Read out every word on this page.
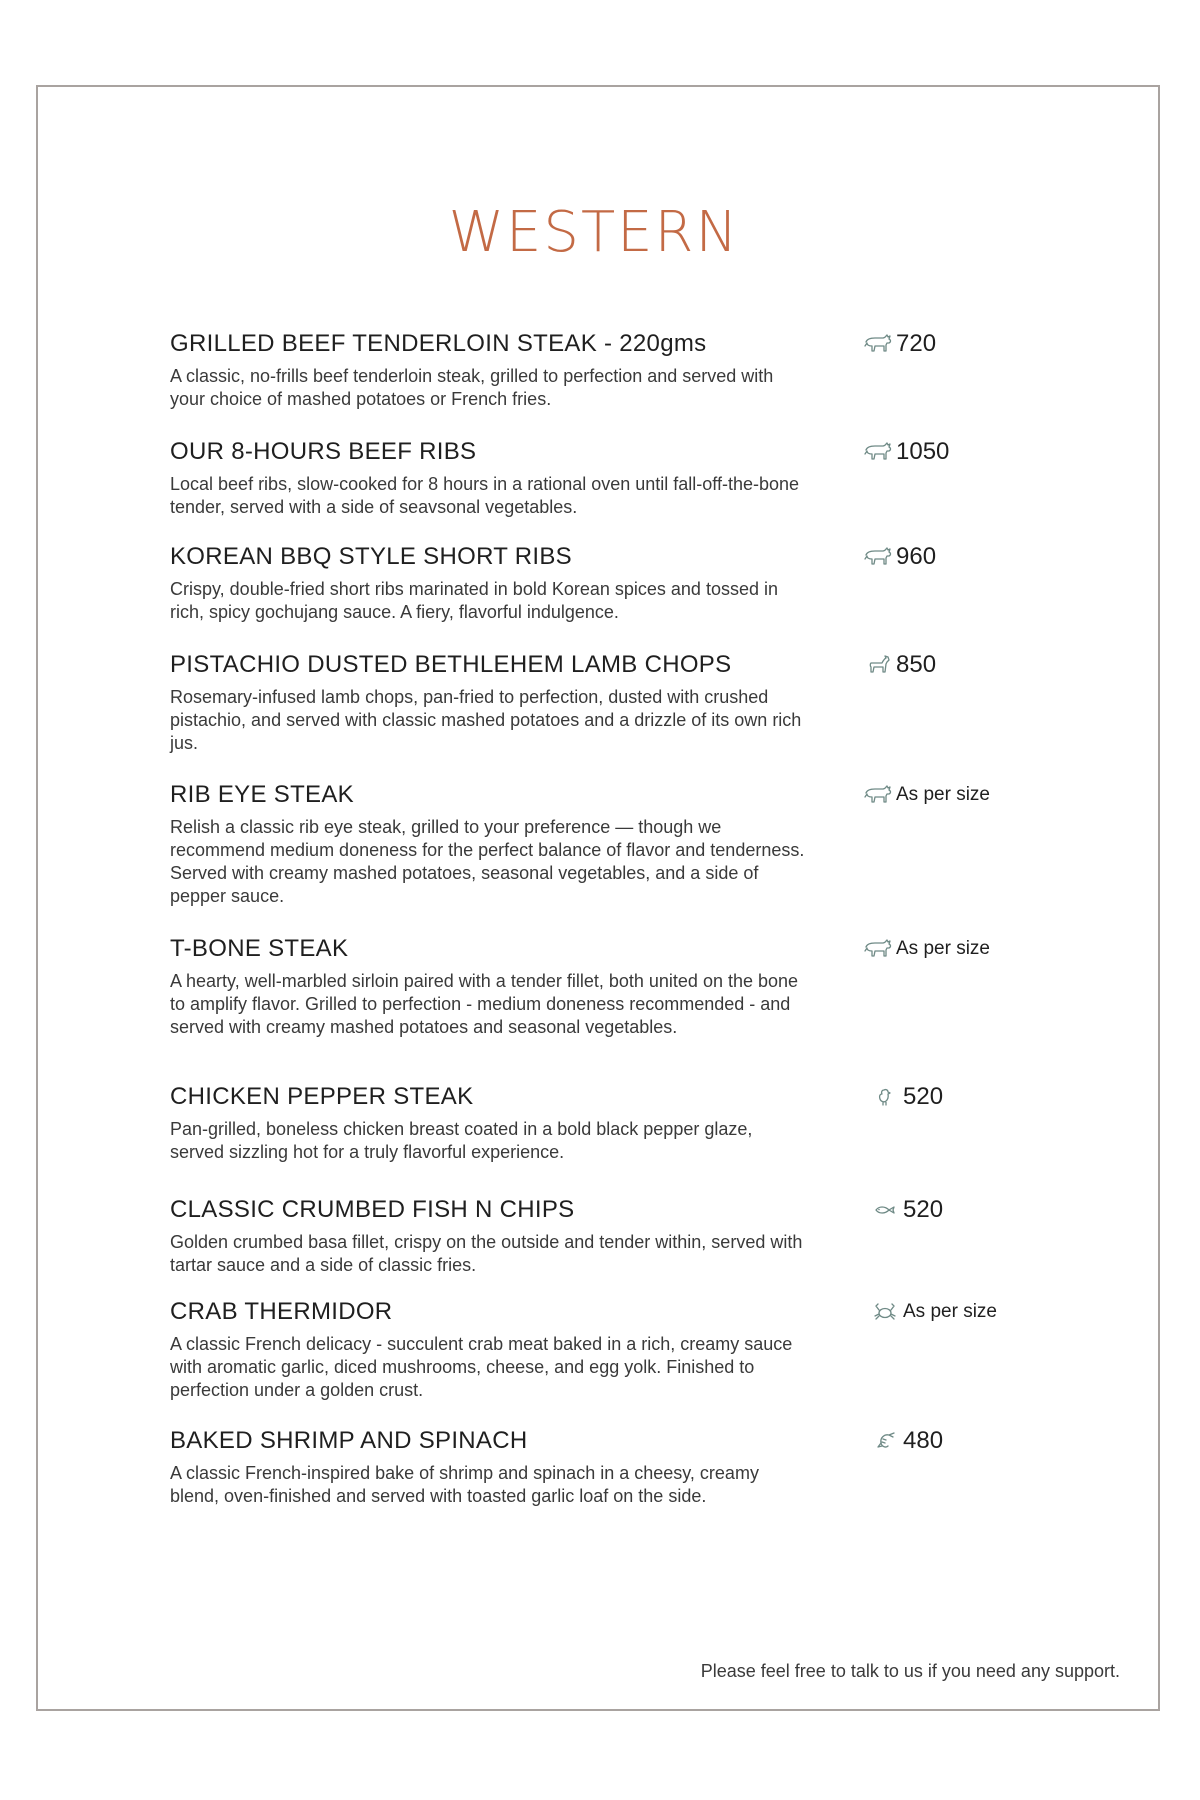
WESTERN
GRILLED BEEF TENDERLOIN STEAK - 220gms
A classic, no-frills beef tenderloin steak, grilled to perfection and served with your choice of mashed potatoes or French fries.
720
OUR 8-HOURS BEEF RIBS
Local beef ribs, slow-cooked for 8 hours in a rational oven until fall-off-the-bone tender, served with a side of seavsonal vegetables.
1050
KOREAN BBQ STYLE SHORT RIBS
Crispy, double-fried short ribs marinated in bold Korean spices and tossed in rich, spicy gochujang sauce. A fiery, flavorful indulgence.
960
PISTACHIO DUSTED BETHLEHEM LAMB CHOPS
Rosemary-infused lamb chops, pan-fried to perfection, dusted with crushed pistachio, and served with classic mashed potatoes and a drizzle of its own rich jus.
850
RIB EYE STEAK
Relish a classic rib eye steak, grilled to your preference — though we recommend medium doneness for the perfect balance of flavor and tenderness. Served with creamy mashed potatoes, seasonal vegetables, and a side of pepper sauce.
As per size
T-BONE STEAK
A hearty, well-marbled sirloin paired with a tender fillet, both united on the bone to amplify flavor. Grilled to perfection - medium doneness recommended - and served with creamy mashed potatoes and seasonal vegetables.
As per size
CHICKEN PEPPER STEAK
Pan-grilled, boneless chicken breast coated in a bold black pepper glaze, served sizzling hot for a truly flavorful experience.
520
CLASSIC CRUMBED FISH N CHIPS
Golden crumbed basa fillet, crispy on the outside and tender within, served with tartar sauce and a side of classic fries.
520
CRAB THERMIDOR
A classic French delicacy - succulent crab meat baked in a rich, creamy sauce with aromatic garlic, diced mushrooms, cheese, and egg yolk. Finished to perfection under a golden crust.
As per size
BAKED SHRIMP AND SPINACH
A classic French-inspired bake of shrimp and spinach in a cheesy, creamy blend, oven-finished and served with toasted garlic loaf on the side.
480
Please feel free to talk to us if you need any support.
